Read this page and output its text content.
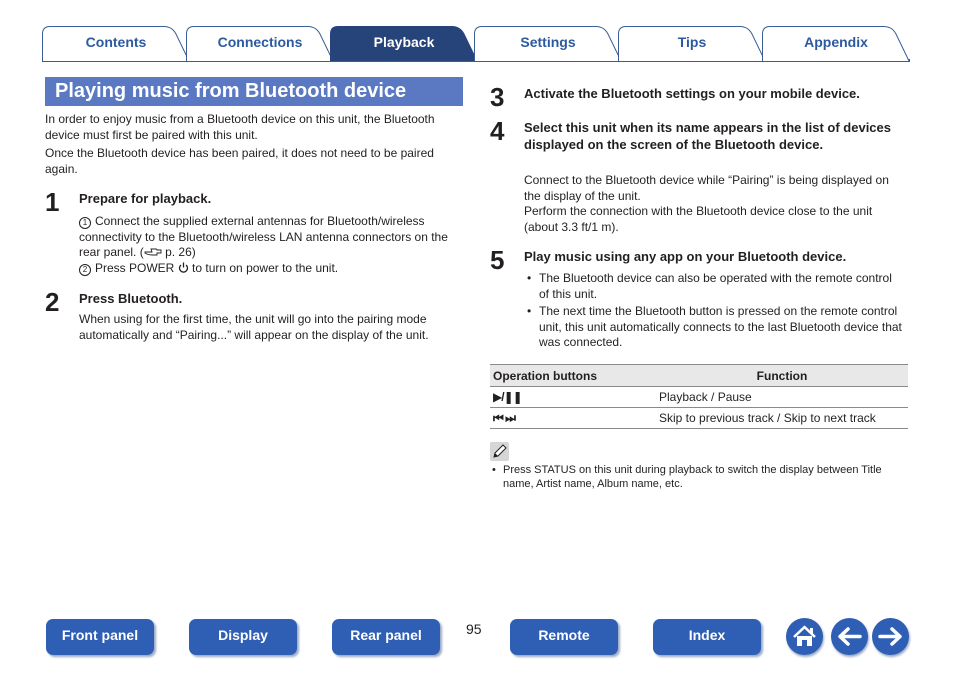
Contents	Connections	Playback	Settings	Tips	Appendix
Playing music from Bluetooth device
In order to enjoy music from a Bluetooth device on this unit, the Bluetooth device must first be paired with this unit.
Once the Bluetooth device has been paired, it does not need to be paired again.
1 Prepare for playback.
1 Connect the supplied external antennas for Bluetooth/wireless connectivity to the Bluetooth/wireless LAN antenna connectors on the rear panel. ( p. 26)
2 Press POWER to turn on power to the unit.
2 Press Bluetooth.
When using for the first time, the unit will go into the pairing mode automatically and “Pairing...” will appear on the display of the unit.
3 Activate the Bluetooth settings on your mobile device.
4 Select this unit when its name appears in the list of devices displayed on the screen of the Bluetooth device.
Connect to the Bluetooth device while “Pairing” is being displayed on the display of the unit.
Perform the connection with the Bluetooth device close to the unit (about 3.3 ft/1 m).
5 Play music using any app on your Bluetooth device.
• The Bluetooth device can also be operated with the remote control of this unit.
• The next time the Bluetooth button is pressed on the remote control unit, this unit automatically connects to the last Bluetooth device that was connected.
Operation buttons	Function
▶/❚❚	Playback / Pause
⏮ ⏭	Skip to previous track / Skip to next track
• Press STATUS on this unit during playback to switch the display between Title name, Artist name, Album name, etc.
Front panel	Display	Rear panel	95	Remote	Index
